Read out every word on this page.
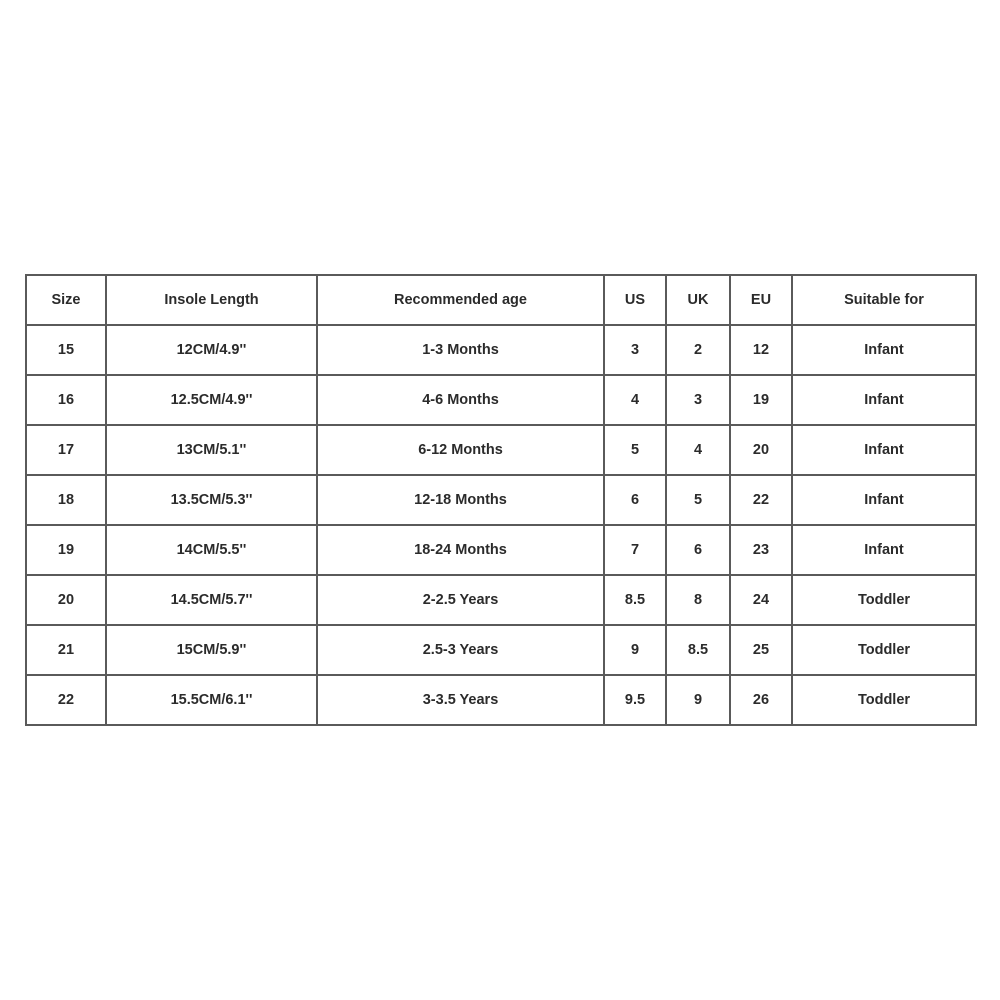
Size	Insole Length	Recommended age	US	UK	EU	Suitable for
15	12CM/4.9''	1-3 Months	3	2	12	Infant
16	12.5CM/4.9''	4-6 Months	4	3	19	Infant
17	13CM/5.1''	6-12 Months	5	4	20	Infant
18	13.5CM/5.3''	12-18 Months	6	5	22	Infant
19	14CM/5.5''	18-24 Months	7	6	23	Infant
20	14.5CM/5.7''	2-2.5 Years	8.5	8	24	Toddler
21	15CM/5.9''	2.5-3 Years	9	8.5	25	Toddler
22	15.5CM/6.1''	3-3.5 Years	9.5	9	26	Toddler
